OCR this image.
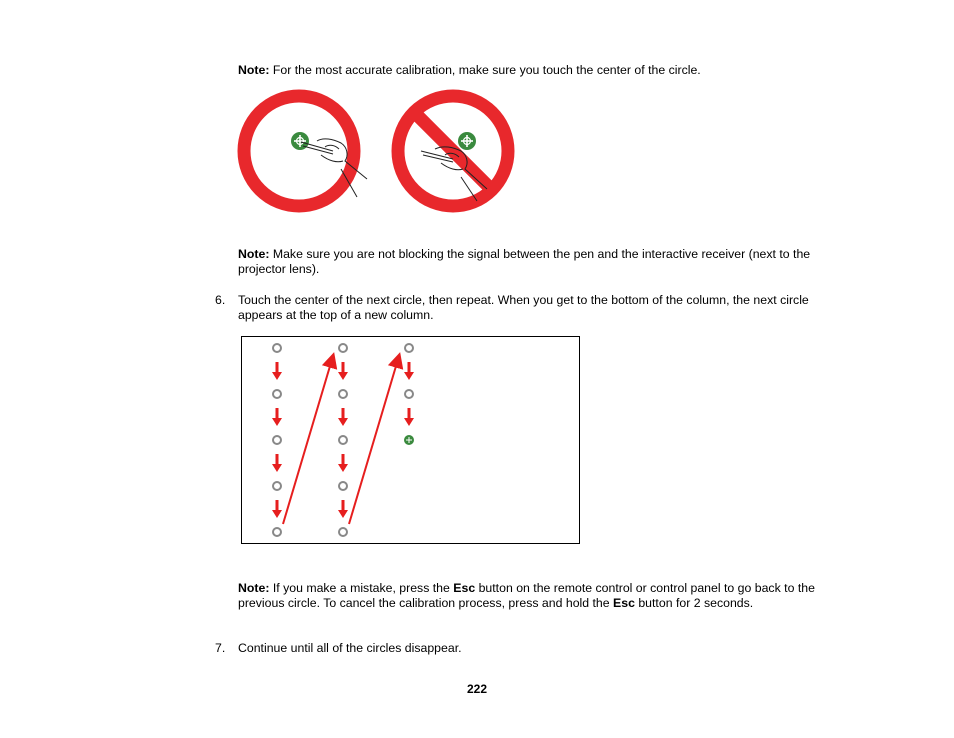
Note: For the most accurate calibration, make sure you touch the center of the circle.

Note: Make sure you are not blocking the signal between the pen and the interactive receiver (next to the projector lens).

6. Touch the center of the next circle, then repeat. When you get to the bottom of the column, the next circle appears at the top of a new column.

Note: If you make a mistake, press the Esc button on the remote control or control panel to go back to the previous circle. To cancel the calibration process, press and hold the Esc button for 2 seconds.

7. Continue until all of the circles disappear.

222
